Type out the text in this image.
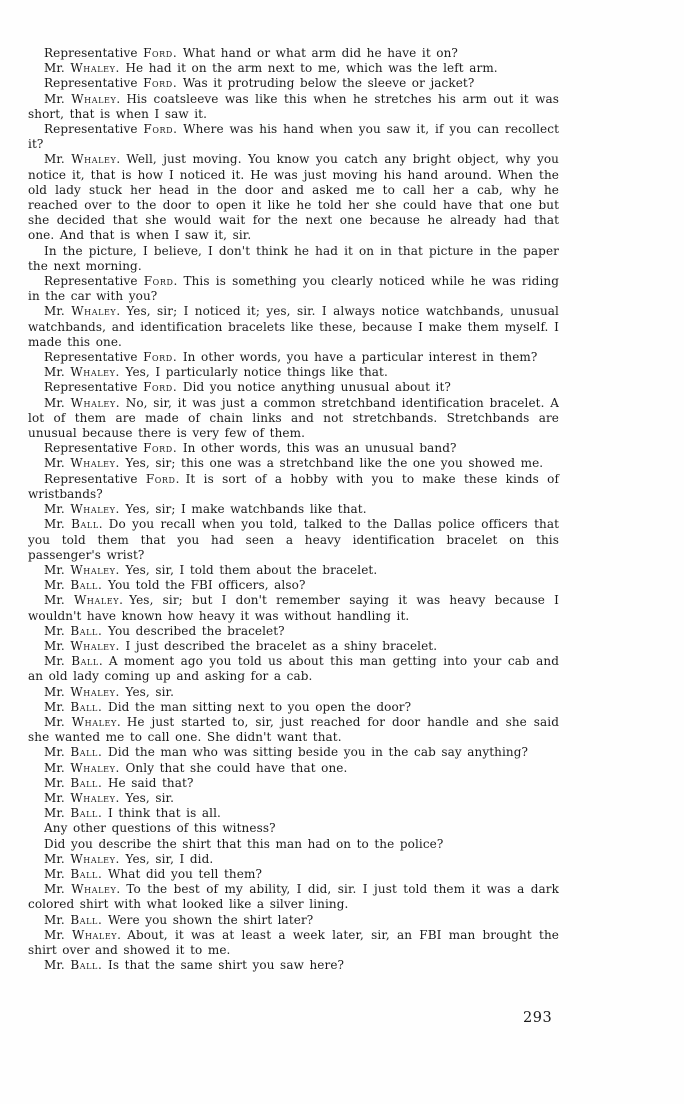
Representative Ford. What hand or what arm did he have it on?

Mr. Whaley. He had it on the arm next to me, which was the left arm.

Representative Ford. Was it protruding below the sleeve or jacket?

Mr. Whaley. His coatsleeve was like this when he stretches his arm out it was short, that is when I saw it.

Representative Ford. Where was his hand when you saw it, if you can recollect it?

Mr. Whaley. Well, just moving. You know you catch any bright object, why you notice it, that is how I noticed it. He was just moving his hand around. When the old lady stuck her head in the door and asked me to call her a cab, why he reached over to the door to open it like he told her she could have that one but she decided that she would wait for the next one because he already had that one. And that is when I saw it, sir.

In the picture, I believe, I don't think he had it on in that picture in the paper the next morning.

Representative Ford. This is something you clearly noticed while he was riding in the car with you?

Mr. Whaley. Yes, sir; I noticed it; yes, sir. I always notice watchbands, unusual watchbands, and identification bracelets like these, because I make them myself. I made this one.

Representative Ford. In other words, you have a particular interest in them?

Mr. Whaley. Yes, I particularly notice things like that.

Representative Ford. Did you notice anything unusual about it?

Mr. Whaley. No, sir, it was just a common stretchband identification bracelet. A lot of them are made of chain links and not stretchbands. Stretchbands are unusual because there is very few of them.

Representative Ford. In other words, this was an unusual band?

Mr. Whaley. Yes, sir; this one was a stretchband like the one you showed me.

Representative Ford. It is sort of a hobby with you to make these kinds of wristbands?

Mr. Whaley. Yes, sir; I make watchbands like that.

Mr. Ball. Do you recall when you told, talked to the Dallas police officers that you told them that you had seen a heavy identification bracelet on this passenger's wrist?

Mr. Whaley. Yes, sir, I told them about the bracelet.

Mr. Ball. You told the FBI officers, also?

Mr. Whaley. Yes, sir; but I don't remember saying it was heavy because I wouldn't have known how heavy it was without handling it.

Mr. Ball. You described the bracelet?

Mr. Whaley. I just described the bracelet as a shiny bracelet.

Mr. Ball. A moment ago you told us about this man getting into your cab and an old lady coming up and asking for a cab.

Mr. Whaley. Yes, sir.

Mr. Ball. Did the man sitting next to you open the door?

Mr. Whaley. He just started to, sir, just reached for door handle and she said she wanted me to call one. She didn't want that.

Mr. Ball. Did the man who was sitting beside you in the cab say anything?

Mr. Whaley. Only that she could have that one.

Mr. Ball. He said that?

Mr. Whaley. Yes, sir.

Mr. Ball. I think that is all.

Any other questions of this witness?

Did you describe the shirt that this man had on to the police?

Mr. Whaley. Yes, sir, I did.

Mr. Ball. What did you tell them?

Mr. Whaley. To the best of my ability, I did, sir. I just told them it was a dark colored shirt with what looked like a silver lining.

Mr. Ball. Were you shown the shirt later?

Mr. Whaley. About, it was at least a week later, sir, an FBI man brought the shirt over and showed it to me.

Mr. Ball. Is that the same shirt you saw here?

293
